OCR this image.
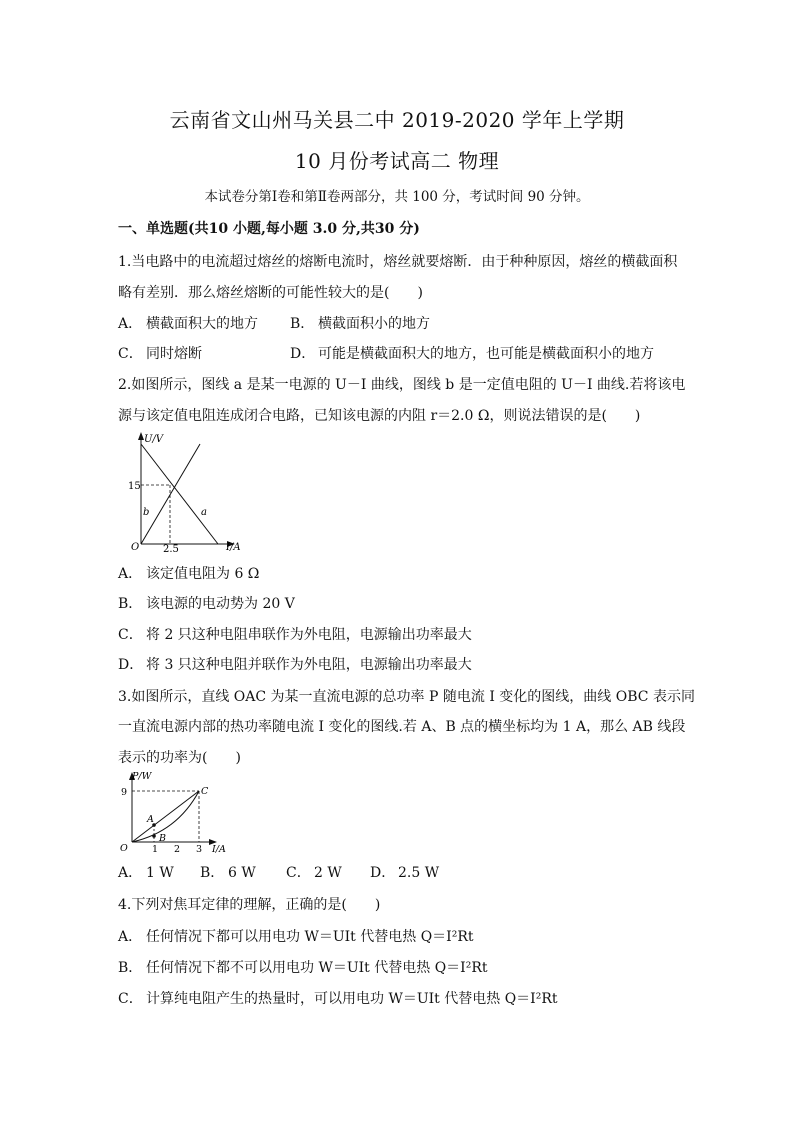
云南省文山州马关县二中 2019-2020 学年上学期
10 月份考试高二 物理
本试卷分第Ⅰ卷和第Ⅱ卷两部分，共 100 分，考试时间 90 分钟。
一、单选题(共10 小题,每小题 3.0 分,共30 分)
1.当电路中的电流超过熔丝的熔断电流时，熔丝就要熔断．由于种种原因，熔丝的横截面积
略有差别．那么熔丝熔断的可能性较大的是(　　)
A． 横截面积大的地方 B． 横截面积小的地方
C． 同时熔断	D． 可能是横截面积大的地方，也可能是横截面积小的地方
2.如图所示，图线 a 是某一电源的 U－I 曲线，图线 b 是一定值电阻的 U－I 曲线.若将该电
源与该定值电阻连成闭合电路，已知该电源的内阻 r＝2.0 Ω，则说法错误的是(　　)
U/V
I/A
O
15
2.5
a
b
A． 该定值电阻为 6 Ω
B． 该电源的电动势为 20 V
C． 将 2 只这种电阻串联作为外电阻，电源输出功率最大
D． 将 3 只这种电阻并联作为外电阻，电源输出功率最大
3.如图所示，直线 OAC 为某一直流电源的总功率 P 随电流 I 变化的图线，曲线 OBC 表示同
一直流电源内部的热功率随电流 I 变化的图线.若 A、B 点的横坐标均为 1 A，那么 AB 线段
表示的功率为(　　)
P/W
I/A
O
9
1 2 3
A
B
C
A． 1 W B． 6 W C． 2 W D． 2.5 W
4.下列对焦耳定律的理解，正确的是(　　)
A． 任何情况下都可以用电功 W＝UIt 代替电热 Q＝I²Rt
B． 任何情况下都不可以用电功 W＝UIt 代替电热 Q＝I²Rt
C． 计算纯电阻产生的热量时，可以用电功 W＝UIt 代替电热 Q＝I²Rt
